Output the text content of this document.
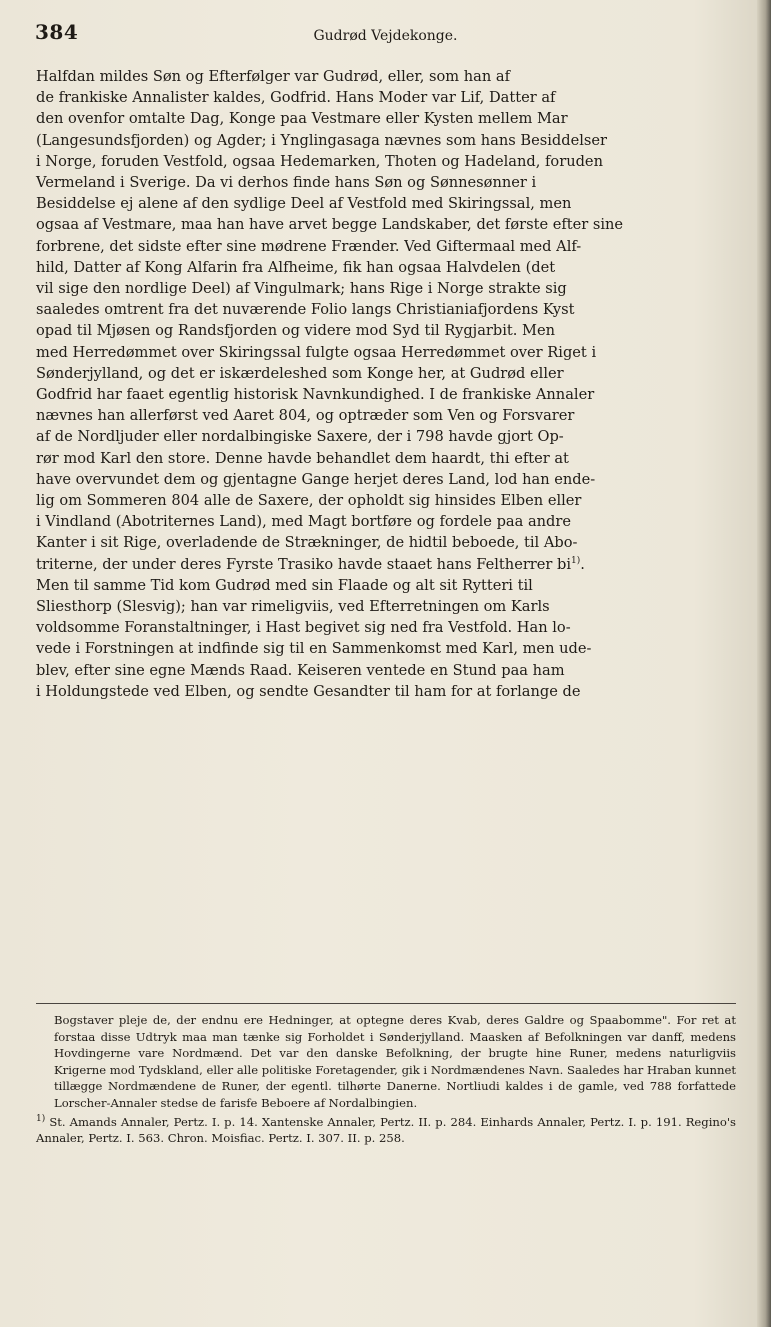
384	Gudrød Vejdekonge.
Halfdan mildes Søn og Efterfølger var Gudrød, eller, som han af
de frankiske Annalister kaldes, Godfrid. Hans Moder var Lif, Datter af
den ovenfor omtalte Dag, Konge paa Vestmare eller Kysten mellem Mar
(Langesundsfjorden) og Agder; i Ynglingasaga nævnes som hans Besiddelser
i Norge, foruden Vestfold, ogsaa Hedemarken, Thoten og Hadeland, foruden
Vermeland i Sverige. Da vi derhos finde hans Søn og Sønnesønner i
Besiddelse ej alene af den sydlige Deel af Vestfold med Skiringssal, men
ogsaa af Vestmare, maa han have arvet begge Landskaber, det første efter sine
forbrene, det sidste efter sine mødrene Frænder. Ved Giftermaal med Alf-
hild, Datter af Kong Alfarin fra Alfheime, fik han ogsaa Halvdelen (det
vil sige den nordlige Deel) af Vingulmark; hans Rige i Norge strakte sig
saaledes omtrent fra det nuværende Folio langs Christianiafjordens Kyst
opad til Mjøsen og Randsfjorden og videre mod Syd til Rygjarbit. Men
med Herredømmet over Skiringssal fulgte ogsaa Herredømmet over Riget i
Sønderjylland, og det er iskærdeleshed som Konge her, at Gudrød eller
Godfrid har faaet egentlig historisk Navnkundighed. I de frankiske Annaler
nævnes han allerførst ved Aaret 804, og optræder som Ven og Forsvarer
af de Nordljuder eller nordalbingiske Saxere, der i 798 havde gjort Op-
rør mod Karl den store. Denne havde behandlet dem haardt, thi efter at
have overvundet dem og gjentagne Gange herjet deres Land, lod han ende-
lig om Sommeren 804 alle de Saxere, der opholdt sig hinsides Elben eller
i Vindland (Abotriternes Land), med Magt bortføre og fordele paa andre
Kanter i sit Rige, overladende de Strækninger, de hidtil beboede, til Abo-
triterne, der under deres Fyrste Trasiko havde staaet hans Feltherrer $bi^{1)}$.
Men til samme Tid kom Gudrød med sin Flaade og alt sit Rytteri til
Sliesthorp (Slesvig); han var rimeligviis, ved Efterretningen om Karls
voldsomme Foranstaltninger, i Hast begivet sig ned fra Vestfold. Han lo-
vede i Forstningen at indfinde sig til en Sammenkomst med Karl, men ude-
blev, efter sine egne Mænds Raad. Keiseren ventede en Stund paa ham
i Holdungstede ved Elben, og sendte Gesandter til ham for at forlange de

Bogstaver pleje de, der endnu ere Hedninger, at optegne deres Kvab, deres Galdre og Spaabomme". For ret at forstaa disse Udtryk maa man tænke sig Forholdet i Sønderjylland. Maasken af Befolkningen var danff, medens Hovdingerne vare Nordmænd. Det var den danske Befolkning, der brugte hine Runer, medens naturligviis Krigerne mod Tydskland, eller alle politiske Foretagender, gik i Nordmændenes Navn. Saaledes har Hraban kunnet tillægge Nordmændene de Runer, der egentl. tilhørte Danerne. Nortliudi kaldes i de gamle, ved 788 forfattede Lorscher-Annaler stedse de farisfe Beboere af Nordalbingien.

$^{1)}$ St. Amands Annaler, Pertz. I. p. 14. Xantenske Annaler, Pertz. II. p. 284. Einhards Annaler, Pertz. I. p. 191. Regino's Annaler, Pertz. I. 563. Chron. Moisfiac. Pertz. I. 307. II. p. 258.
